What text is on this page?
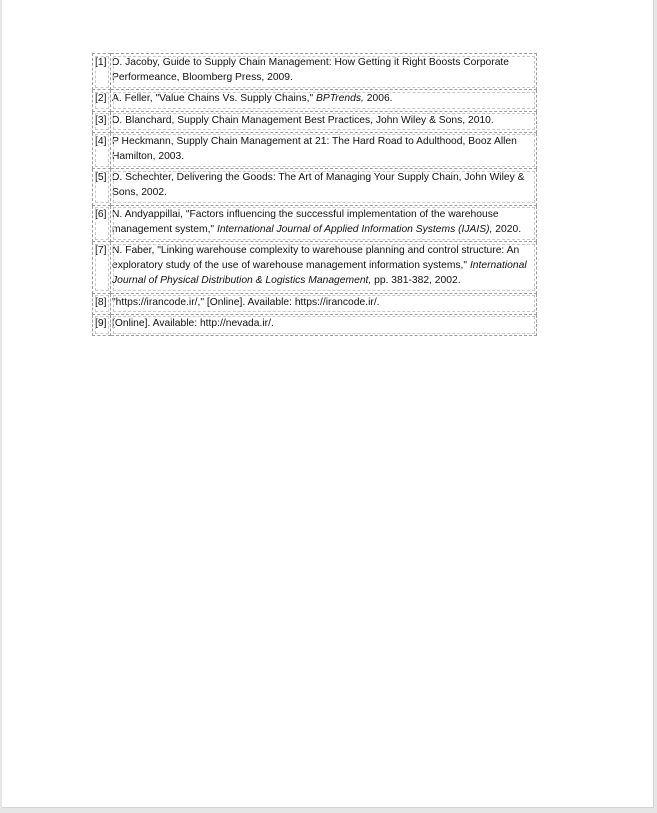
[1]	D. Jacoby, Guide to Supply Chain Management: How Getting it Right Boosts Corporate Performeance, Bloomberg Press, 2009.
[2]	A. Feller, "Value Chains Vs. Supply Chains," BPTrends, 2006.
[3]	D. Blanchard, Supply Chain Management Best Practices, John Wiley & Sons, 2010.
[4]	P Heckmann, Supply Chain Management at 21: The Hard Road to Adulthood, Booz Allen Hamilton, 2003.
[5]	D. Schechter, Delivering the Goods: The Art of Managing Your Supply Chain, John Wiley & Sons, 2002.
[6]	N. Andyappillai, "Factors influencing the successful implementation of the warehouse management system," International Journal of Applied Information Systems (IJAIS), 2020.
[7]	N. Faber, "Linking warehouse complexity to warehouse planning and control structure: An exploratory study of the use of warehouse management information systems," International Journal of Physical Distribution & Logistics Management, pp. 381-382, 2002.
[8]	"https://irancode.ir/," [Online]. Available: https://irancode.ir/.
[9]	[Online]. Available: http://nevada.ir/.
